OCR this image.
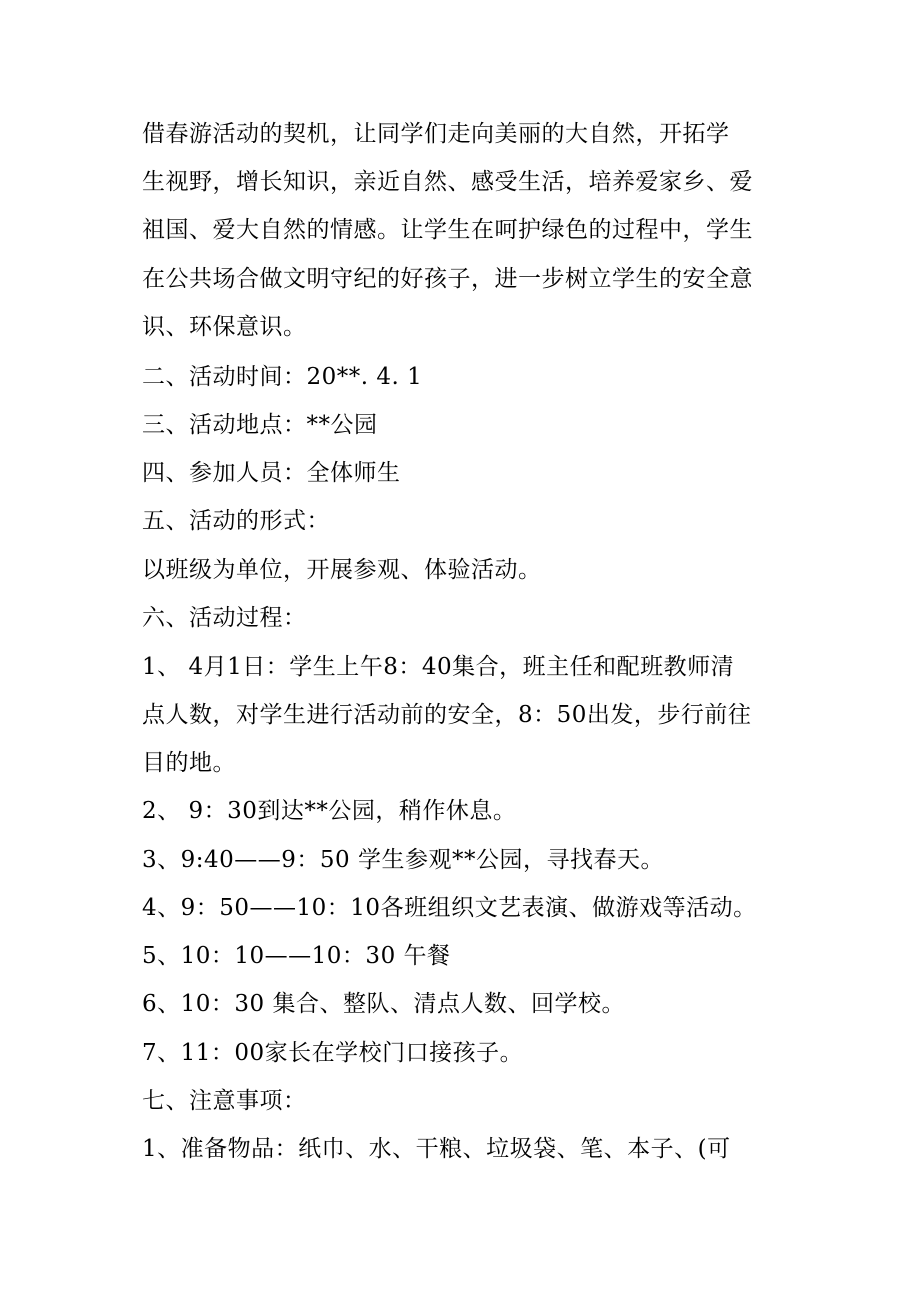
借春游活动的契机，让同学们走向美丽的大自然，开拓学
生视野，增长知识，亲近自然、感受生活，培养爱家乡、爱
祖国、爱大自然的情感。让学生在呵护绿色的过程中，学生
在公共场合做文明守纪的好孩子，进一步树立学生的安全意
识、环保意识。
二、活动时间：20**. 4. 1
三、活动地点：**公园
四、参加人员：全体师生
五、活动的形式：
以班级为单位，开展参观、体验活动。
六、活动过程：
1、 4月1日：学生上午8：40集合，班主任和配班教师清
点人数，对学生进行活动前的安全，8：50出发，步行前往
目的地。
2、 9：30到达**公园，稍作休息。
3、9:40——9：50 学生参观**公园，寻找春天。
4、9：50——10：10各班组织文艺表演、做游戏等活动。
5、10：10——10：30 午餐
6、10：30 集合、整队、清点人数、回学校。
7、11：00家长在学校门口接孩子。
七、注意事项：
1、准备物品：纸巾、水、干粮、垃圾袋、笔、本子、(可
